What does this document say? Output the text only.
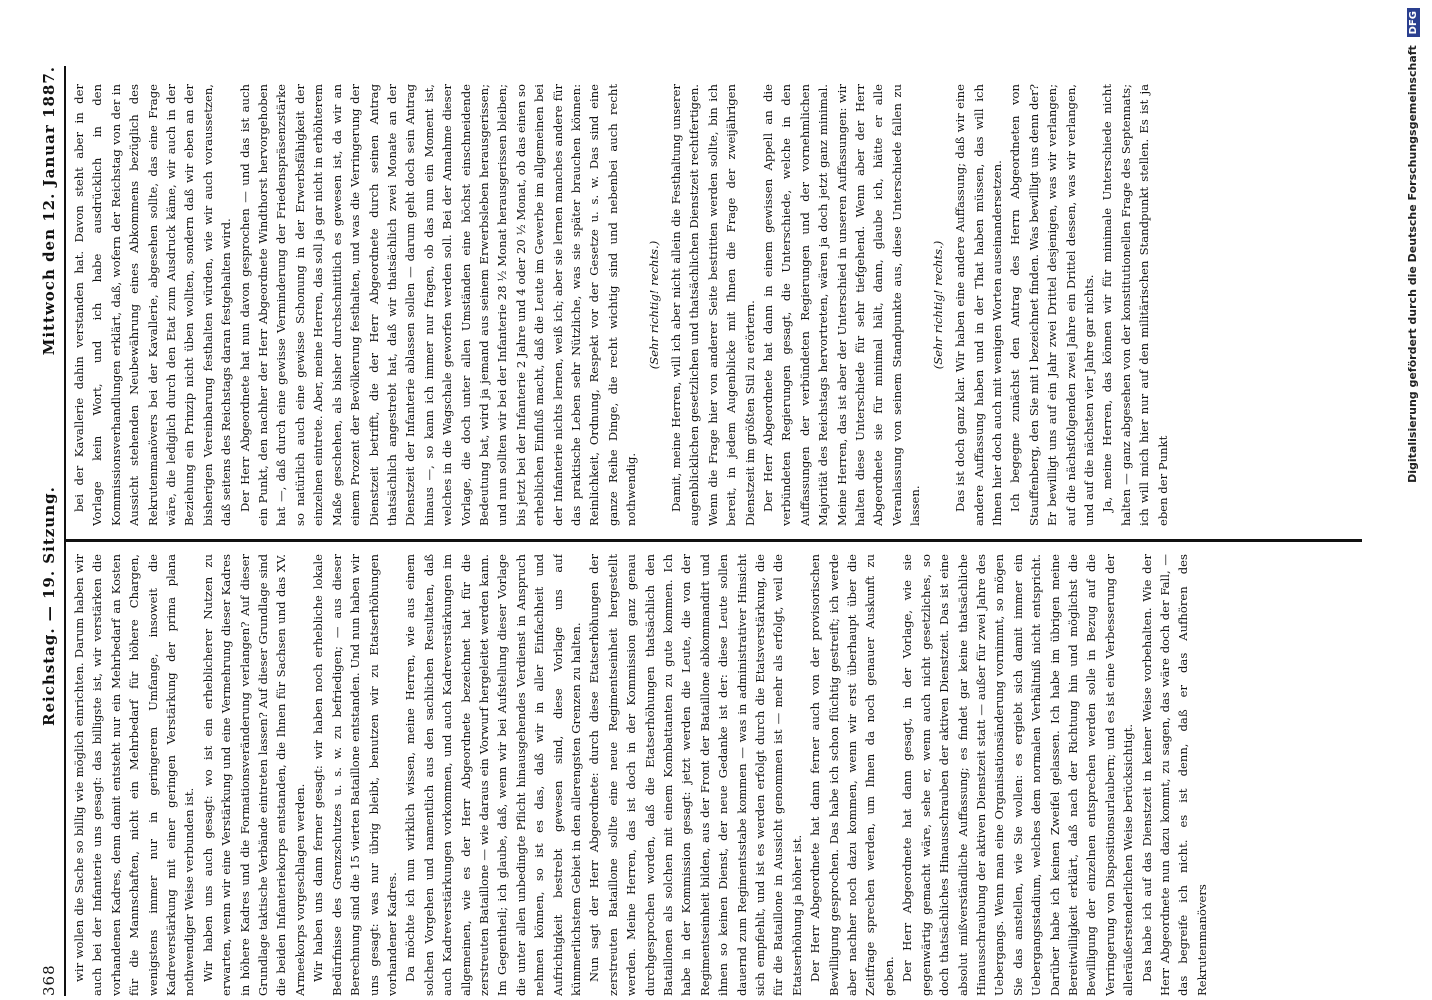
368
Reichstag. — 19. Sitzung.
Mittwoch den 12. Januar 1887.

wir wollen die Sache so billig wie möglich einrichten. Darum haben wir auch bei der Infanterie uns gesagt: das billigste ist, wir verstärken die vorhandenen Kadres, denn damit entsteht nur ein Mehrbedarf an Kosten für die Mannschaften, nicht ein Mehrbedarf für höhere Chargen, wenigstens immer nur in geringerem Umfange, insoweit die Kadreverstärkung mit einer geringen Verstärkung der prima plana nothwendiger Weise verbunden ist. Wir haben uns auch gesagt: wo ist ein erheblicherer Nutzen zu erwarten, wenn wir eine Verstärkung und eine Vermehrung dieser Kadres in höhere Kadres und die Formationsveränderung verlangen? Auf dieser Grundlage taktische Verbände eintreten lassen? Auf dieser Grundlage sind die beiden Infanteriekorps entstanden, die Ihnen für Sachsen und das XV. Armeekorps vorgeschlagen werden. Wir haben uns dann ferner gesagt: wir haben noch erhebliche lokale Bedürfnisse des Grenzschutzes u. s. w. zu befriedigen; — aus dieser Berechnung sind die 15 vierten Bataillone entstanden. Und nun haben wir uns gesagt: was nur übrig bleibt, benutzen wir zu Etatserhöhungen vorhandener Kadres. Da möchte ich nun wirklich wissen, meine Herren, wie aus einem solchen Vorgehen und namentlich aus den sachlichen Resultaten, daß auch Kadreverstärkungen vorkommen, und auch Kadreverstärkungen im allgemeinen, wie es der Herr Abgeordnete bezeichnet hat für die zerstreuten Bataillone — wie daraus ein Vorwurf hergeleitet werden kann. Im Gegentheil; ich glaube, daß, wenn wir bei Aufstellung dieser Vorlage die unter allen unbedingte Pflicht hinausgehendes Verdienst in Anspruch nehmen können, so ist es das, daß wir in aller Einfachheit und Aufrichtigkeit bestrebt gewesen sind, diese Vorlage uns auf kümmerlichstem Gebiet in den allerengsten Grenzen zu halten. Nun sagt der Herr Abgeordnete: durch diese Etatserhöhungen der zerstreuten Bataillone sollte eine neue Regimentseinheit hergestellt werden. Meine Herren, das ist doch in der Kommission ganz genau durchgesprochen worden, daß die Etatserhöhungen thatsächlich den Bataillonen als solchen mit einem Kombattanten zu gute kommen. Ich habe in der Kommission gesagt: jetzt werden die Leute, die von der Regimentseinheit bilden, aus der Front der Bataillone abkommandirt und ihnen so keinen Dienst, der neue Gedanke ist der: diese Leute sollen dauernd zum Regimentsstabe kommen — was in administrativer Hinsicht sich empfiehlt, und ist es werden erfolgt durch die Etatsverstärkung, die für die Bataillone in Aussicht genommen ist — mehr als erfolgt, weil die Etatserhöhung ja höher ist. Der Herr Abgeordnete hat dann ferner auch von der provisorischen Bewilligung gesprochen. Das habe ich schon flüchtig gestreift; ich werde aber nachher noch dazu kommen, wenn wir erst überhaupt über die Zeitfrage sprechen werden, um Ihnen da noch genauer Auskunft zu geben. Der Herr Abgeordnete hat dann gesagt, in der Vorlage, wie sie gegenwärtig gemacht wäre, sehe er, wenn auch nicht gesetzliches, so doch thatsächliches Hinausschrauben der aktiven Dienstzeit. Das ist eine absolut mißverständliche Auffassung; es findet gar keine thatsächliche Hinausschraubung der aktiven Dienstzeit statt — außer für zwei Jahre des Uebergangs. Wenn man eine Organisationsänderung vornimmt, so mögen Sie das anstellen, wie Sie wollen: es ergiebt sich damit immer ein Uebergangsstadium, welches dem normalen Verhältniß nicht entspricht. Darüber habe ich keinen Zweifel gelassen. Ich habe im übrigen meine Bereitwilligkeit erklärt, daß nach der Richtung hin und möglichst die Bewilligung der einzelnen entsprechen werden solle in Bezug auf die Verringerung von Dispositionsurlaubern; und es ist eine Verbesserung der alleräußerstenderlichen Weise berücksichtigt. Das habe ich auf das Dienstzeit in keiner Weise vorbehalten. Wie der Herr Abgeordnete nun dazu kommt, zu sagen, das wäre doch der Fall, — das begreife ich nicht. es ist denn, daß er das Aufhören des Rekrutenmanövers

bei der Kavallerie dahin verstanden hat. Davon steht aber in der Vorlage kein Wort, und ich habe ausdrücklich in den Kommissionsverhandlungen erklärt, daß, wofern der Reichstag von der in Aussicht stehenden Neubewährung eines Abkommens bezüglich des Rekrutenmanövers bei der Kavallerie, abgesehen sollte, das eine Frage wäre, die lediglich durch den Etat zum Ausdruck käme, wir auch in der Beziehung ein Prinzip nicht üben wollten, sondern daß wir eben an der bisherigen Vereinbarung festhalten würden, wie wir auch voraussetzen, daß seitens des Reichstags daran festgehalten wird. Der Herr Abgeordnete hat nun davon gesprochen — und das ist auch ein Punkt, den nachher der Herr Abgeordnete Windthorst hervorgehoben hat —, daß durch eine gewisse Verminderung der Friedenspräsenzstärke so natürlich auch eine gewisse Schonung in der Erwerbsfähigkeit der einzelnen eintrete. Aber, meine Herren, das soll ja gar nicht in erhöhterem Maße geschehen, als bisher durchschnittlich es gewesen ist, da wir an einem Prozent der Bevölkerung festhalten, und was die Verringerung der Dienstzeit betrifft, die der Herr Abgeordnete durch seinen Antrag thatsächlich angestrebt hat, daß wir thatsächlich zwei Monate an der Dienstzeit der Infanterie ablassen sollen — darum geht doch sein Antrag hinaus —, so kann ich immer nur fragen, ob das nun ein Moment ist, welches in die Wagschale geworfen werden soll. Bei der Annahme dieser Vorlage, die doch unter allen Umständen eine höchst einschneidende Bedeutung bat, wird ja jemand aus seinem Erwerbsleben herausgerissen; und nun sollten wir bei der Infanterie 28 ½ Monat herausgerissen bleiben; bis jetzt bei der Infanterie 2 Jahre und 4 oder 20 ½ Monat, ob das einen so erheblichen Einfluß macht, daß die Leute im Gewerbe im allgemeinen bei der Infanterie nichts lernen, weiß ich; aber sie lernen manches andere für das praktische Leben sehr Nützliche, was sie später brauchen können: Reinlichkeit, Ordnung, Respekt vor der Gesetze u. s. w. Das sind eine ganze Reihe Dinge, die recht wichtig sind und nebenbei auch recht nothwendig.

(Sehr richtig! rechts.) Damit, meine Herren, will ich aber nicht allein die Festhaltung unserer augenblicklichen gesetzlichen und thatsächlichen Dienstzeit rechtfertigen. Wenn die Frage hier von anderer Seite bestritten werden sollte, bin ich bereit, in jedem Augenblicke mit Ihnen die Frage der zweijährigen Dienstzeit im größten Stil zu erörtern. Der Herr Abgeordnete hat dann in einem gewissen Appell an die verbündeten Regierungen gesagt, die Unterschiede, welche in den Auffassungen der verbündeten Regierungen und der vornehmlichen Majorität des Reichstags hervortreten, wären ja doch jetzt ganz minimal. Meine Herren, das ist aber der Unterschied in unseren Auffassungen: wir halten diese Unterschiede für sehr tiefgehend. Wenn aber der Herr Abgeordnete sie für minimal hält, dann, glaube ich, hätte er alle Veranlassung von seinem Standpunkte aus, diese Unterschiede fallen zu lassen.

(Sehr richtig! rechts.) Das ist doch ganz klar. Wir haben eine andere Auffassung; daß wir eine andere Auffassung haben und in der That haben müssen, das will ich Ihnen hier doch auch mit wenigen Worten auseinandersetzen. Ich begegne zunächst den Antrag des Herrn Abgeordneten von Stauffenberg, den Sie mit I bezeichnet finden. Was bewilligt uns denn der? Er bewilligt uns auf ein Jahr zwei Drittel desjenigen, was wir verlangen; auf die nächstfolgenden zwei Jahre ein Drittel dessen, was wir verlangen, und auf die nächsten vier Jahre gar nichts. Ja, meine Herren, das können wir für minimale Unterschiede nicht halten — ganz abgesehen von der konstitutionellen Frage des Septennats; ich will mich hier nur auf den militärischen Standpunkt stellen. Es ist ja eben der Punkt	Digitalisierung gefördert durch die Deutsche Forschungsgemeinschaft DFG
